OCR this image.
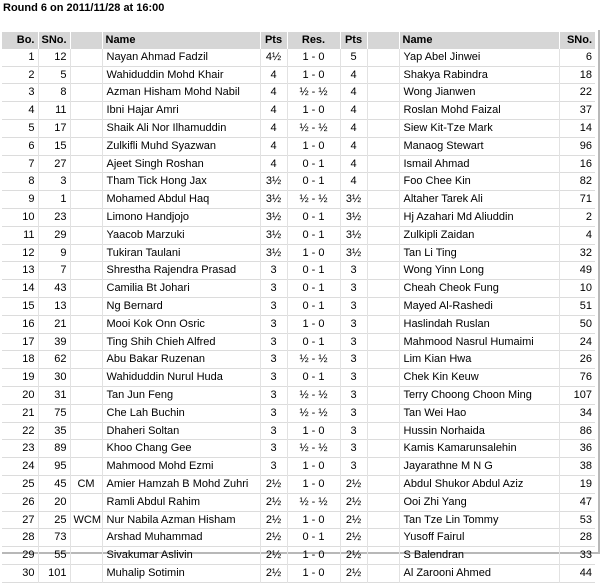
Round 6 on 2011/11/28 at 16:00
Bo.	SNo.		Name	Pts	Res.	Pts		Name	SNo.
1	12		Nayan Ahmad Fadzil	4½	1 - 0	5		Yap Abel Jinwei	6
2	5		Wahiduddin Mohd Khair	4	1 - 0	4		Shakya Rabindra	18
3	8		Azman Hisham Mohd Nabil	4	½ - ½	4		Wong Jianwen	22
4	11		Ibni Hajar Amri	4	1 - 0	4		Roslan Mohd Faizal	37
5	17		Shaik Ali Nor Ilhamuddin	4	½ - ½	4		Siew Kit-Tze Mark	14
6	15		Zulkifli Muhd Syazwan	4	1 - 0	4		Manaog Stewart	96
7	27		Ajeet Singh Roshan	4	0 - 1	4		Ismail Ahmad	16
8	3		Tham Tick Hong Jax	3½	0 - 1	4		Foo Chee Kin	82
9	1		Mohamed Abdul Haq	3½	½ - ½	3½		Altaher Tarek Ali	71
10	23		Limono Handjojo	3½	0 - 1	3½		Hj Azahari Md Aliuddin	2
11	29		Yaacob Marzuki	3½	0 - 1	3½		Zulkipli Zaidan	4
12	9		Tukiran Taulani	3½	1 - 0	3½		Tan Li Ting	32
13	7		Shrestha Rajendra Prasad	3	0 - 1	3		Wong Yinn Long	49
14	43		Camilia Bt Johari	3	0 - 1	3		Cheah Cheok Fung	10
15	13		Ng Bernard	3	0 - 1	3		Mayed Al-Rashedi	51
16	21		Mooi Kok Onn Osric	3	1 - 0	3		Haslindah Ruslan	50
17	39		Ting Shih Chieh Alfred	3	0 - 1	3		Mahmood Nasrul Humaimi	24
18	62		Abu Bakar Ruzenan	3	½ - ½	3		Lim Kian Hwa	26
19	30		Wahiduddin Nurul Huda	3	0 - 1	3		Chek Kin Keuw	76
20	31		Tan Jun Feng	3	½ - ½	3		Terry Choong Choon Ming	107
21	75		Che Lah Buchin	3	½ - ½	3		Tan Wei Hao	34
22	35		Dhaheri Soltan	3	1 - 0	3		Hussin Norhaida	86
23	89		Khoo Chang Gee	3	½ - ½	3		Kamis Kamarunsalehin	36
24	95		Mahmood Mohd Ezmi	3	1 - 0	3		Jayarathne M N G	38
25	45	CM	Amier Hamzah B Mohd Zuhri	2½	1 - 0	2½		Abdul Shukor Abdul Aziz	19
26	20		Ramli Abdul Rahim	2½	½ - ½	2½		Ooi Zhi Yang	47
27	25	WCM	Nur Nabila Azman Hisham	2½	1 - 0	2½		Tan Tze Lin Tommy	53
28	73		Arshad Muhammad	2½	0 - 1	2½		Yusoff Fairul	28
29	55		Sivakumar Aslivin	2½	1 - 0	2½		S Balendran	33
30	101		Muhalip Sotimin	2½	1 - 0	2½		Al Zarooni Ahmed	44
